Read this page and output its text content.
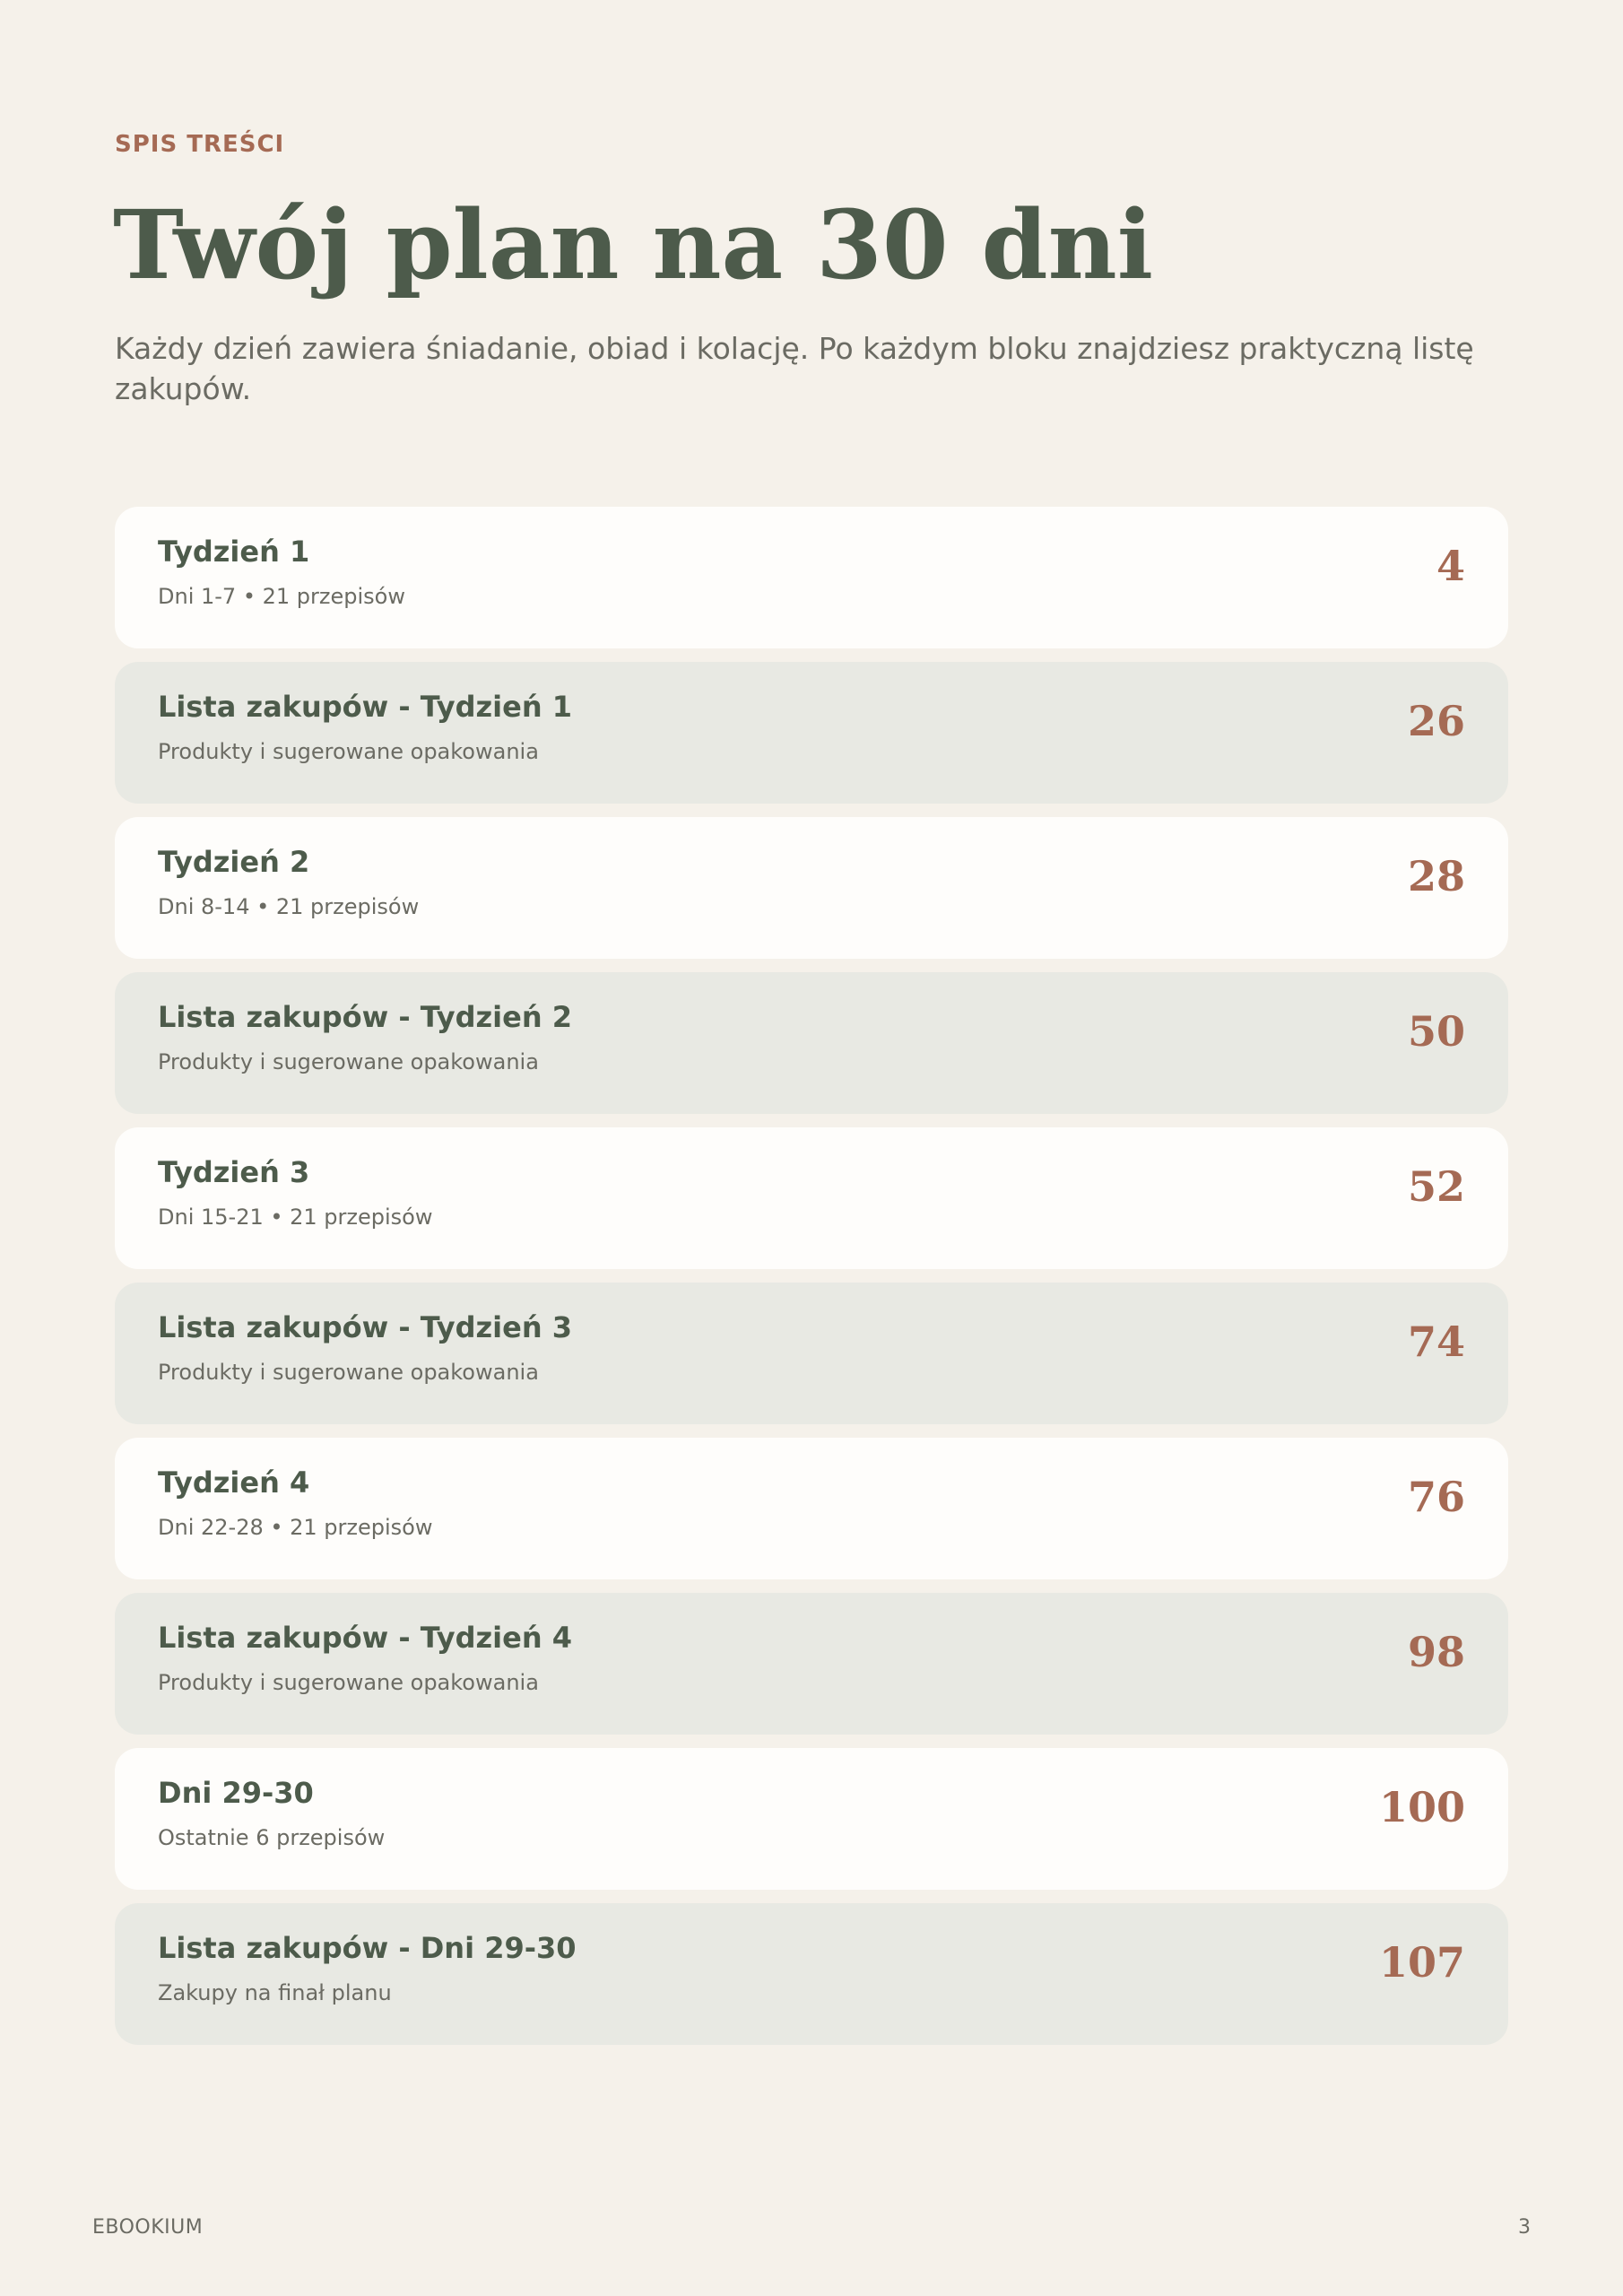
SPIS TREŚCI
Twój plan na 30 dni
Każdy dzień zawiera śniadanie, obiad i kolację. Po każdym bloku znajdziesz praktyczną listę zakupów.
Tydzień 1
Dni 1-7 • 21 przepisów
4
Lista zakupów - Tydzień 1
Produkty i sugerowane opakowania
26
Tydzień 2
Dni 8-14 • 21 przepisów
28
Lista zakupów - Tydzień 2
Produkty i sugerowane opakowania
50
Tydzień 3
Dni 15-21 • 21 przepisów
52
Lista zakupów - Tydzień 3
Produkty i sugerowane opakowania
74
Tydzień 4
Dni 22-28 • 21 przepisów
76
Lista zakupów - Tydzień 4
Produkty i sugerowane opakowania
98
Dni 29-30
Ostatnie 6 przepisów
100
Lista zakupów - Dni 29-30
Zakupy na finał planu
107
EBOOKIUM	3
